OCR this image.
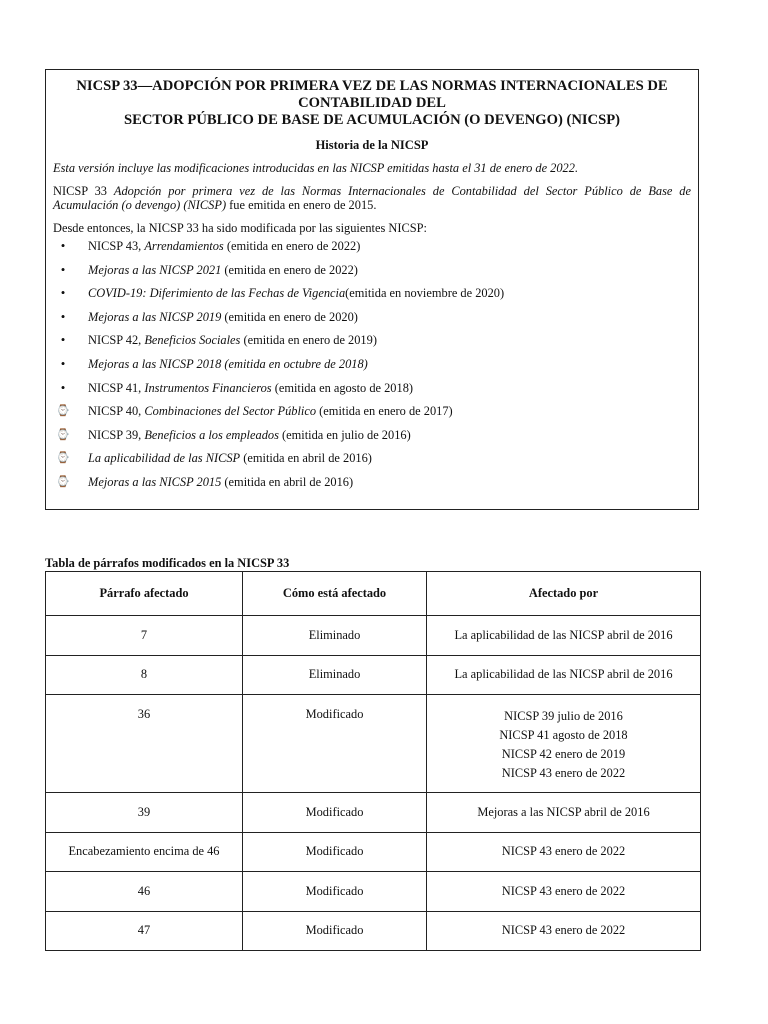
NICSP 33—ADOPCIÓN POR PRIMERA VEZ DE LAS NORMAS INTERNACIONALES DE CONTABILIDAD DEL
SECTOR PÚBLICO DE BASE DE ACUMULACIÓN (O DEVENGO) (NICSP)
Historia de la NICSP

Esta versión incluye las modificaciones introducidas en las NICSP emitidas hasta el 31 de enero de 2022.

NICSP 33 Adopción por primera vez de las Normas Internacionales de Contabilidad del Sector Público de Base de Acumulación (o devengo) (NICSP) fue emitida en enero de 2015.

Desde entonces, la NICSP 33 ha sido modificada por las siguientes NICSP:

•	NICSP 43, Arrendamientos (emitida en enero de 2022)
•	Mejoras a las NICSP 2021 (emitida en enero de 2022)
•	COVID-19: Diferimiento de las Fechas de Vigencia(emitida en noviembre de 2020)
•	Mejoras a las NICSP 2019 (emitida en enero de 2020)
•	NICSP 42, Beneficios Sociales (emitida en enero de 2019)
•	Mejoras a las NICSP 2018 (emitida en octubre de 2018)
•	NICSP 41, Instrumentos Financieros (emitida en agosto de 2018)
⌚ NICSP 40, Combinaciones del Sector Público (emitida en enero de 2017)
⌚ NICSP 39, Beneficios a los empleados (emitida en julio de 2016)
⌚ La aplicabilidad de las NICSP (emitida en abril de 2016)
⌚ Mejoras a las NICSP 2015 (emitida en abril de 2016)
Tabla de párrafos modificados en la NICSP 33
Párrafo afectado	Cómo está afectado	Afectado por
7	Eliminado	La aplicabilidad de las NICSP abril de 2016

8	Eliminado	La aplicabilidad de las NICSP abril de 2016

36	Modificado	NICSP 39 julio de 2016
NICSP 41 agosto de 2018
NICSP 42 enero de 2019
NICSP 43 enero de 2022

39	Modificado	Mejoras a las NICSP abril de 2016

Encabezamiento encima de 46	Modificado	NICSP 43 enero de 2022

46	Modificado	NICSP 43 enero de 2022

47	Modificado	NICSP 43 enero de 2022
